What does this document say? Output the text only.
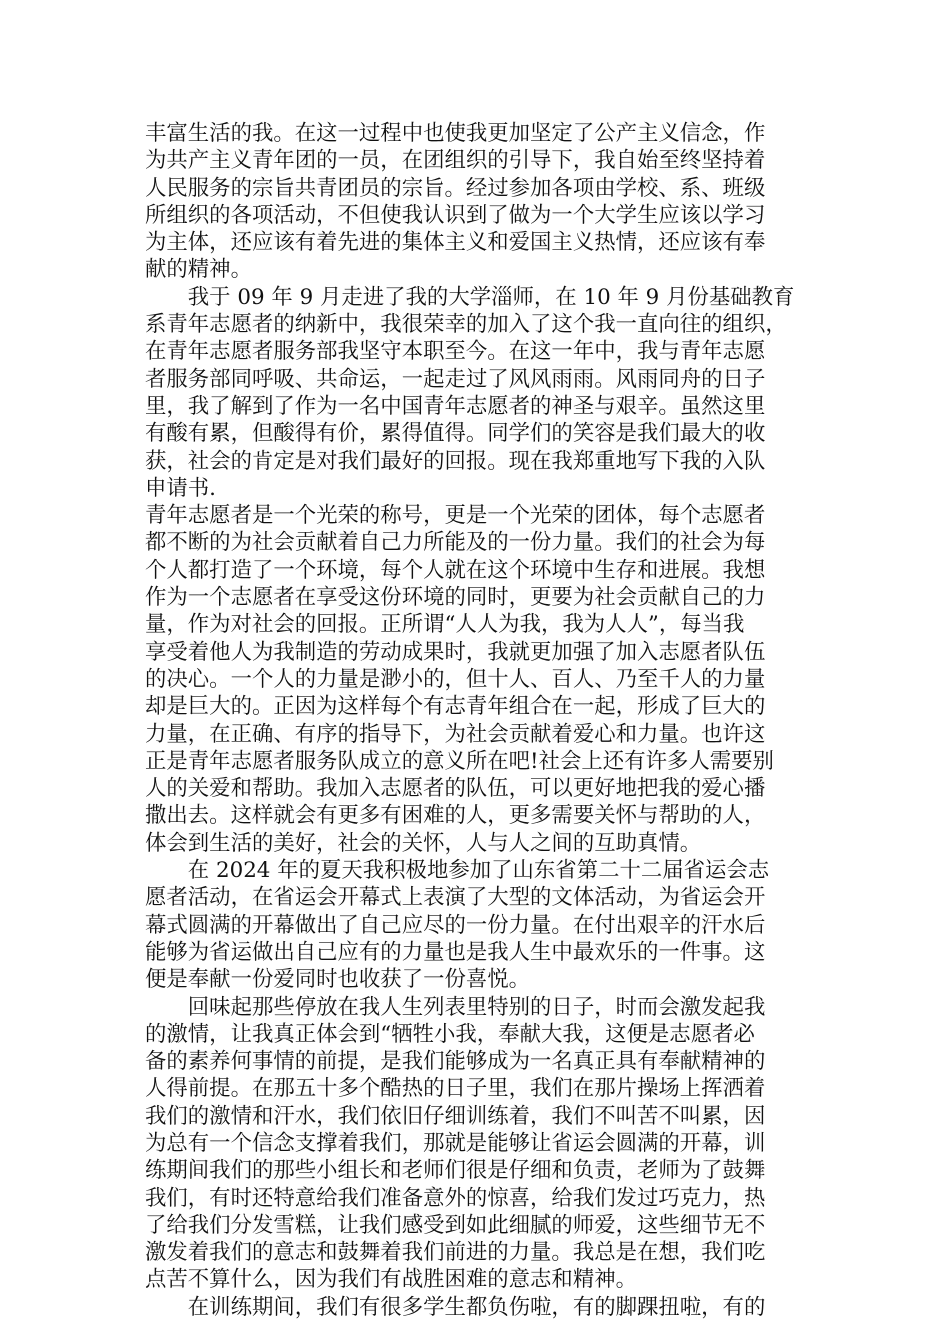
丰富生活的我。在这一过程中也使我更加坚定了公产主义信念，作
为共产主义青年团的一员，在团组织的引导下，我自始至终坚持着
人民服务的宗旨共青团员的宗旨。经过参加各项由学校、系、班级
所组织的各项活动，不但使我认识到了做为一个大学生应该以学习
为主体，还应该有着先进的集体主义和爱国主义热情，还应该有奉
献的精神。
　　我于 09 年 9 月走进了我的大学淄师，在 10 年 9 月份基础教育
系青年志愿者的纳新中，我很荣幸的加入了这个我一直向往的组织，
在青年志愿者服务部我坚守本职至今。在这一年中，我与青年志愿
者服务部同呼吸、共命运，一起走过了风风雨雨。风雨同舟的日子
里，我了解到了作为一名中国青年志愿者的神圣与艰辛。虽然这里
有酸有累，但酸得有价，累得值得。同学们的笑容是我们最大的收
获，社会的肯定是对我们最好的回报。现在我郑重地写下我的入队
申请书.
青年志愿者是一个光荣的称号，更是一个光荣的团体，每个志愿者
都不断的为社会贡献着自己力所能及的一份力量。我们的社会为每
个人都打造了一个环境，每个人就在这个环境中生存和进展。我想
作为一个志愿者在享受这份环境的同时，更要为社会贡献自己的力
量，作为对社会的回报。正所谓“人人为我，我为人人”，每当我
享受着他人为我制造的劳动成果时，我就更加强了加入志愿者队伍
的决心。一个人的力量是渺小的，但十人、百人、乃至千人的力量
却是巨大的。正因为这样每个有志青年组合在一起，形成了巨大的
力量，在正确、有序的指导下，为社会贡献着爱心和力量。也许这
正是青年志愿者服务队成立的意义所在吧!社会上还有许多人需要别
人的关爱和帮助。我加入志愿者的队伍，可以更好地把我的爱心播
撒出去。这样就会有更多有困难的人，更多需要关怀与帮助的人，
体会到生活的美好，社会的关怀，人与人之间的互助真情。
　　在 2024 年的夏天我积极地参加了山东省第二十二届省运会志
愿者活动，在省运会开幕式上表演了大型的文体活动，为省运会开
幕式圆满的开幕做出了自己应尽的一份力量。在付出艰辛的汗水后
能够为省运做出自己应有的力量也是我人生中最欢乐的一件事。这
便是奉献一份爱同时也收获了一份喜悦。
　　回味起那些停放在我人生列表里特别的日子，时而会激发起我
的激情，让我真正体会到“牺牲小我，奉献大我，这便是志愿者必
备的素养何事情的前提，是我们能够成为一名真正具有奉献精神的
人得前提。在那五十多个酷热的日子里，我们在那片操场上挥洒着
我们的激情和汗水，我们依旧仔细训练着，我们不叫苦不叫累，因
为总有一个信念支撑着我们，那就是能够让省运会圆满的开幕，训
练期间我们的那些小组长和老师们很是仔细和负责，老师为了鼓舞
我们，有时还特意给我们准备意外的惊喜，给我们发过巧克力，热
了给我们分发雪糕，让我们感受到如此细腻的师爱，这些细节无不
激发着我们的意志和鼓舞着我们前进的力量。我总是在想，我们吃
点苦不算什么，因为我们有战胜困难的意志和精神。
　　在训练期间，我们有很多学生都负伤啦，有的脚踝扭啦，有的
